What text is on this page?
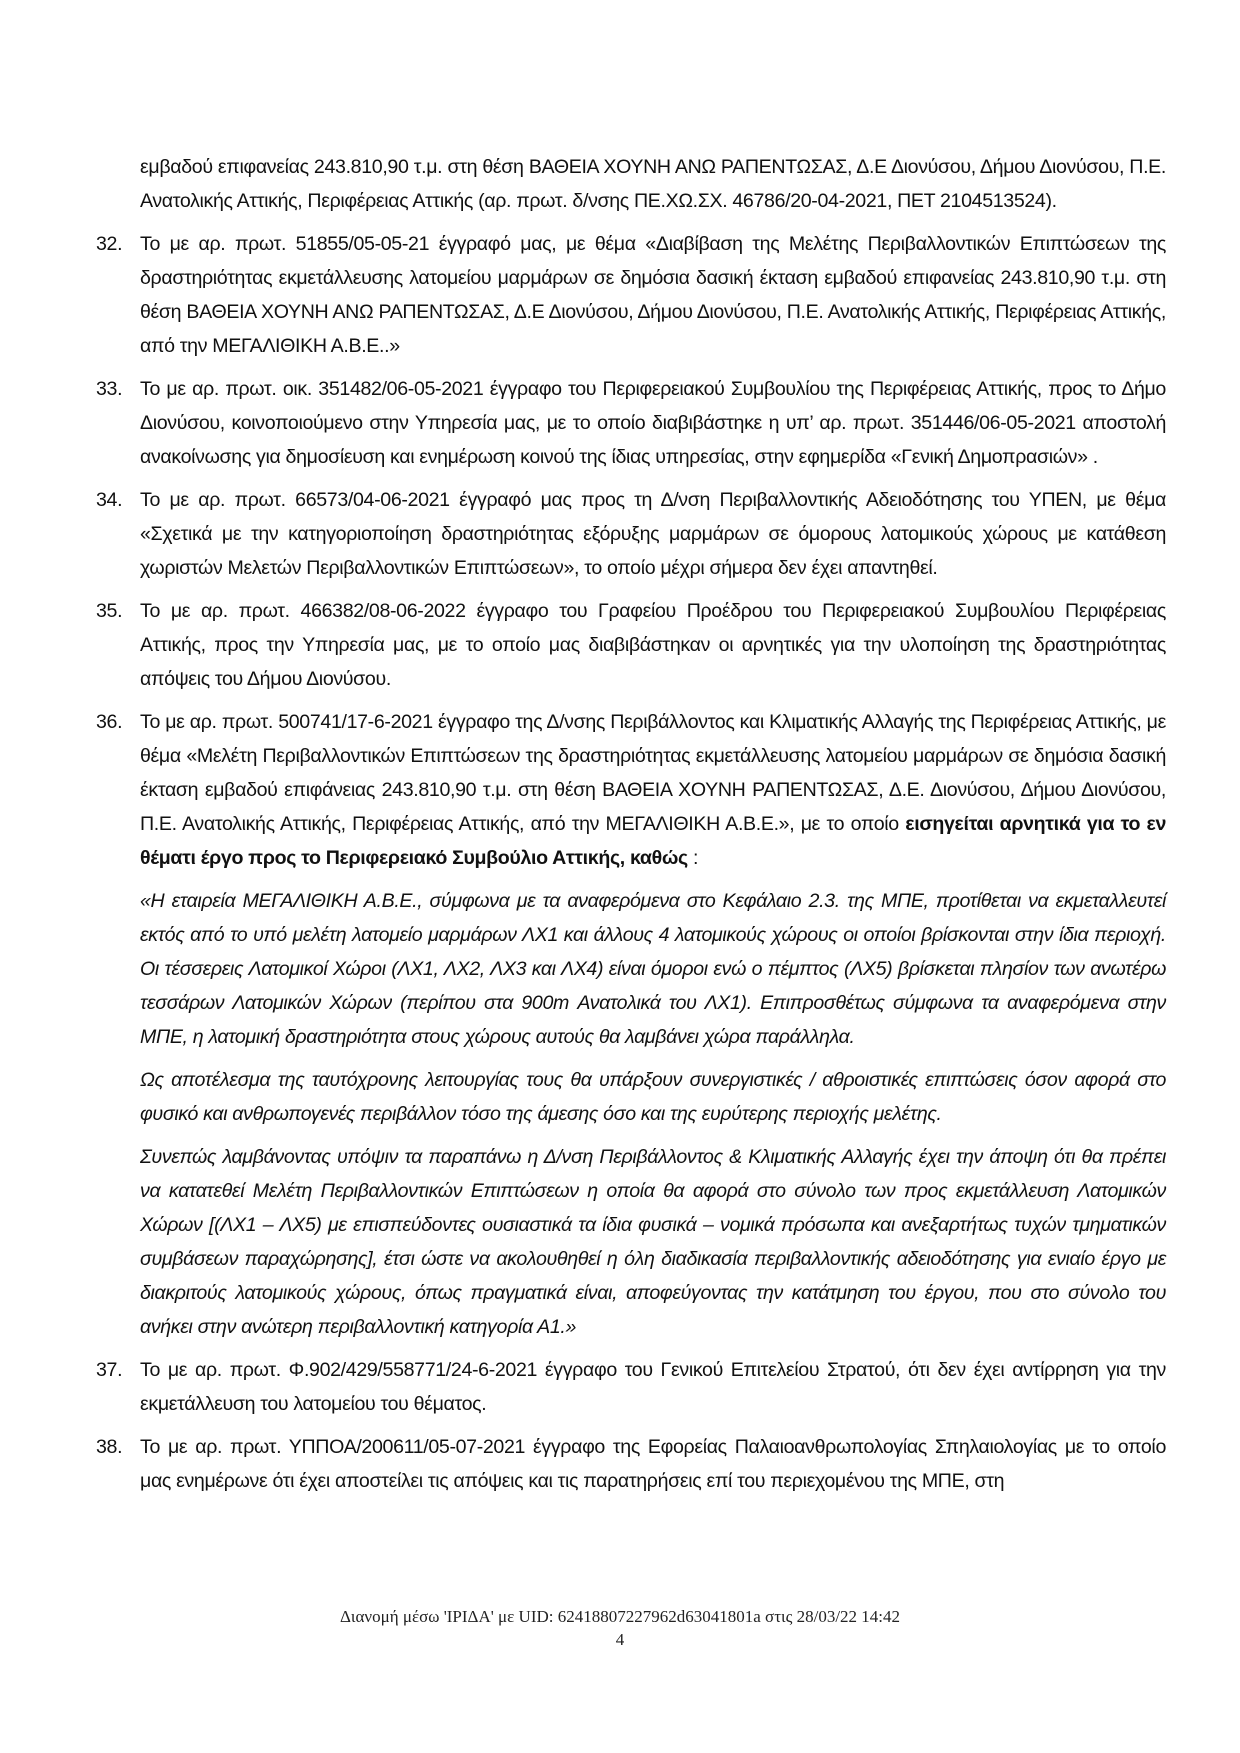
εμβαδού επιφανείας 243.810,90 τ.μ. στη θέση ΒΑΘΕΙΑ ΧΟΥΝΗ ΑΝΩ ΡΑΠΕΝΤΩΣΑΣ, Δ.Ε Διονύσου, Δήμου Διονύσου, Π.Ε. Ανατολικής Αττικής, Περιφέρειας Αττικής (αρ. πρωτ. δ/νσης ΠΕ.ΧΩ.ΣΧ. 46786/20-04-2021, ΠΕΤ 2104513524).

32. Το με αρ. πρωτ. 51855/05-05-21 έγγραφό μας, με θέμα «Διαβίβαση της Μελέτης Περιβαλλοντικών Επιπτώσεων της δραστηριότητας εκμετάλλευσης λατομείου μαρμάρων σε δημόσια δασική έκταση εμβαδού επιφανείας 243.810,90 τ.μ. στη θέση ΒΑΘΕΙΑ ΧΟΥΝΗ ΑΝΩ ΡΑΠΕΝΤΩΣΑΣ, Δ.Ε Διονύσου, Δήμου Διονύσου, Π.Ε. Ανατολικής Αττικής, Περιφέρειας Αττικής, από την ΜΕΓΑΛΙΘΙΚΗ Α.Β.Ε..»
33. Το με αρ. πρωτ. οικ. 351482/06-05-2021 έγγραφο του Περιφερειακού Συμβουλίου της Περιφέρειας Αττικής, προς το Δήμο Διονύσου, κοινοποιούμενο στην Υπηρεσία μας, με το οποίο διαβιβάστηκε η υπ’ αρ. πρωτ. 351446/06-05-2021 αποστολή ανακοίνωσης για δημοσίευση και ενημέρωση κοινού της ίδιας υπηρεσίας, στην εφημερίδα «Γενική Δημοπρασιών» .
34. Το με αρ. πρωτ. 66573/04-06-2021 έγγραφό μας προς τη Δ/νση Περιβαλλοντικής Αδειοδότησης του ΥΠΕΝ, με θέμα «Σχετικά με την κατηγοριοποίηση δραστηριότητας εξόρυξης μαρμάρων σε όμορους λατομικούς χώρους με κατάθεση χωριστών Μελετών Περιβαλλοντικών Επιπτώσεων», το οποίο μέχρι σήμερα δεν έχει απαντηθεί.
35. Το με αρ. πρωτ. 466382/08-06-2022 έγγραφο του Γραφείου Προέδρου του Περιφερειακού Συμβουλίου Περιφέρειας Αττικής, προς την Υπηρεσία μας, με το οποίο μας διαβιβάστηκαν οι αρνητικές για την υλοποίηση της δραστηριότητας απόψεις του Δήμου Διονύσου.
36. Το με αρ. πρωτ. 500741/17-6-2021 έγγραφο της Δ/νσης Περιβάλλοντος και Κλιματικής Αλλαγής της Περιφέρειας Αττικής, με θέμα «Μελέτη Περιβαλλοντικών Επιπτώσεων της δραστηριότητας εκμετάλλευσης λατομείου μαρμάρων σε δημόσια δασική έκταση εμβαδού επιφάνειας 243.810,90 τ.μ. στη θέση ΒΑΘΕΙΑ ΧΟΥΝΗ ΡΑΠΕΝΤΩΣΑΣ, Δ.Ε. Διονύσου, Δήμου Διονύσου, Π.Ε. Ανατολικής Αττικής, Περιφέρειας Αττικής, από την ΜΕΓΑΛΙΘΙΚΗ Α.Β.Ε.», με το οποίο εισηγείται αρνητικά για το εν θέματι έργο προς το Περιφερειακό Συμβούλιο Αττικής, καθώς :

«Η εταιρεία ΜΕΓΑΛΙΘΙΚΗ Α.Β.Ε., σύμφωνα με τα αναφερόμενα στο Κεφάλαιο 2.3. της ΜΠΕ, προτίθεται να εκμεταλλευτεί εκτός από το υπό μελέτη λατομείο μαρμάρων ΛΧ1 και άλλους 4 λατομικούς χώρους οι οποίοι βρίσκονται στην ίδια περιοχή. Οι τέσσερεις Λατομικοί Χώροι (ΛΧ1, ΛΧ2, ΛΧ3 και ΛΧ4) είναι όμοροι ενώ ο πέμπτος (ΛΧ5) βρίσκεται πλησίον των ανωτέρω τεσσάρων Λατομικών Χώρων (περίπου στα 900m Ανατολικά του ΛΧ1). Επιπροσθέτως σύμφωνα τα αναφερόμενα στην ΜΠΕ, η λατομική δραστηριότητα στους χώρους αυτούς θα λαμβάνει χώρα παράλληλα.

Ως αποτέλεσμα της ταυτόχρονης λειτουργίας τους θα υπάρξουν συνεργιστικές / αθροιστικές επιπτώσεις όσον αφορά στο φυσικό και ανθρωπογενές περιβάλλον τόσο της άμεσης όσο και της ευρύτερης περιοχής μελέτης.

Συνεπώς λαμβάνοντας υπόψιν τα παραπάνω η Δ/νση Περιβάλλοντος & Κλιματικής Αλλαγής έχει την άποψη ότι θα πρέπει να κατατεθεί Μελέτη Περιβαλλοντικών Επιπτώσεων η οποία θα αφορά στο σύνολο των προς εκμετάλλευση Λατομικών Χώρων [(ΛΧ1 – ΛΧ5) με επισπεύδοντες ουσιαστικά τα ίδια φυσικά – νομικά πρόσωπα και ανεξαρτήτως τυχών τμηματικών συμβάσεων παραχώρησης], έτσι ώστε να ακολουθηθεί η όλη διαδικασία περιβαλλοντικής αδειοδότησης για ενιαίο έργο με διακριτούς λατομικούς χώρους, όπως πραγματικά είναι, αποφεύγοντας την κατάτμηση του έργου, που στο σύνολο του ανήκει στην ανώτερη περιβαλλοντική κατηγορία Α1.»

37. Το με αρ. πρωτ. Φ.902/429/558771/24-6-2021 έγγραφο του Γενικού Επιτελείου Στρατού, ότι δεν έχει αντίρρηση για την εκμετάλλευση του λατομείου του θέματος.
38. Το με αρ. πρωτ. ΥΠΠΟΑ/200611/05-07-2021 έγγραφο της Εφορείας Παλαιοανθρωπολογίας Σπηλαιολογίας με το οποίο μας ενημέρωνε ότι έχει αποστείλει τις απόψεις και τις παρατηρήσεις επί του περιεχομένου της ΜΠΕ, στη
Διανομή μέσω 'ΙΡΙΔΑ' με UID: 62418807227962d63041801a στις 28/03/22 14:42
4
